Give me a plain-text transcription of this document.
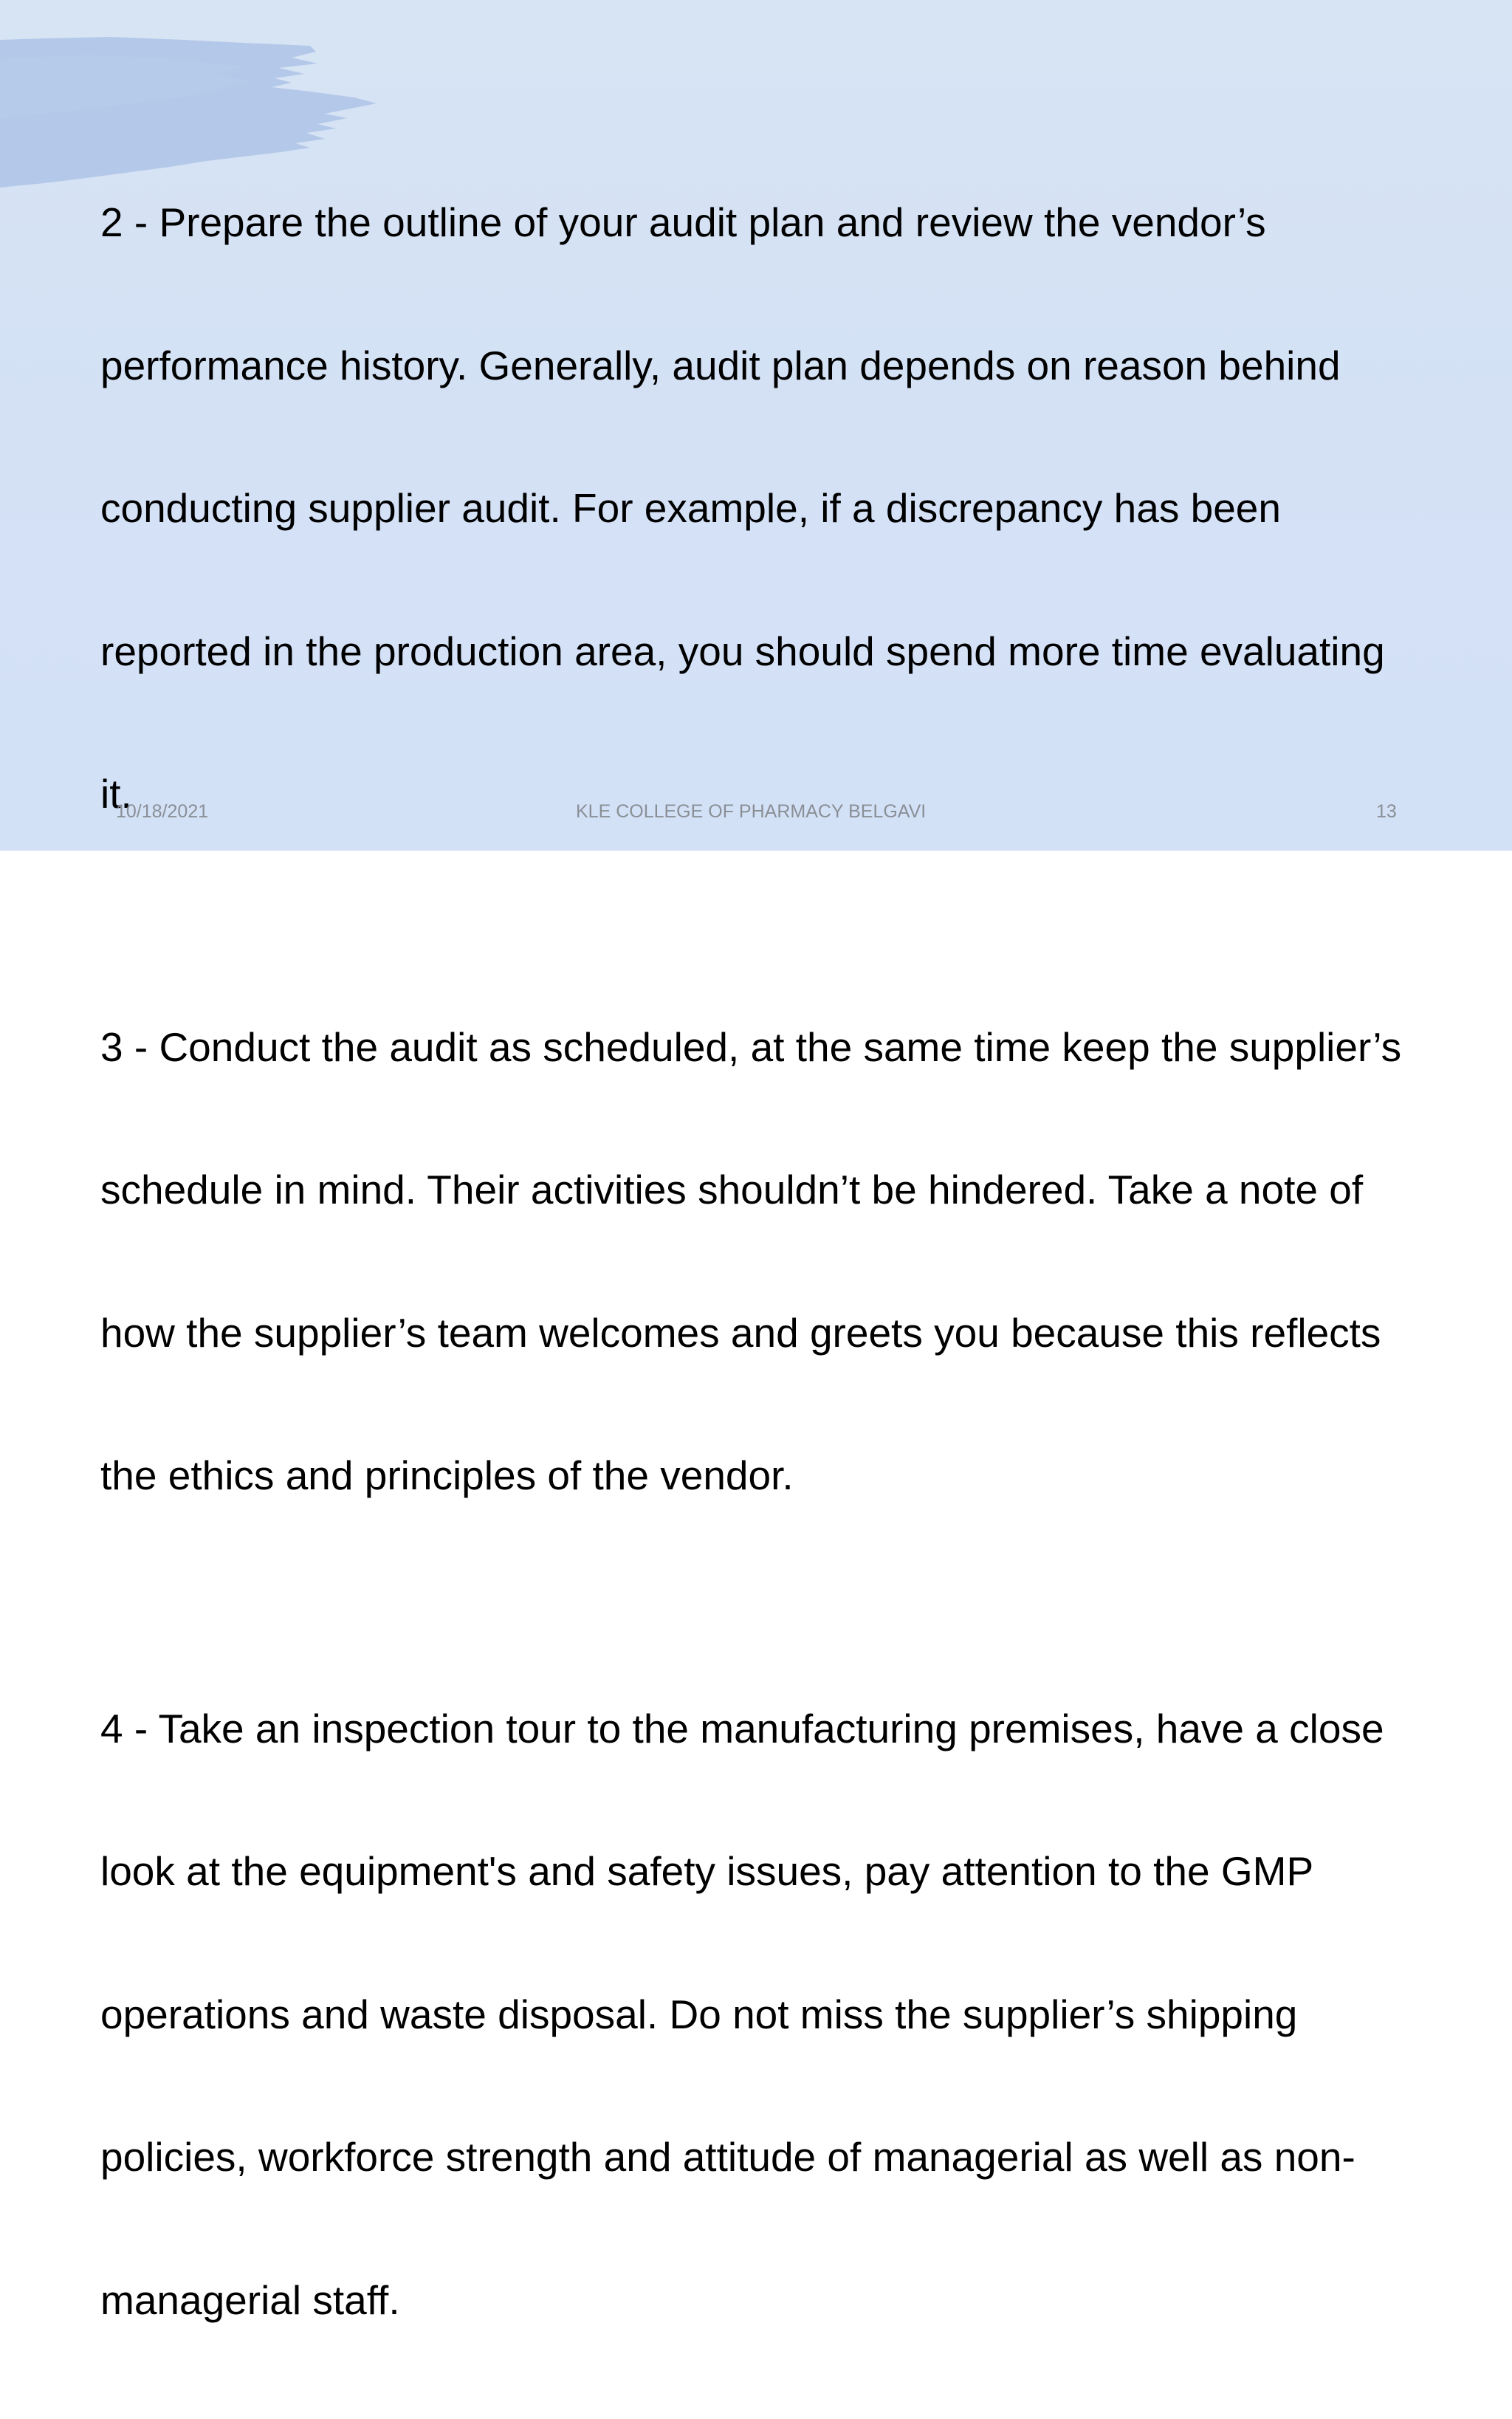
2 - Prepare the outline of your audit plan and review the vendor’s

performance history. Generally, audit plan depends on reason behind

conducting supplier audit. For example, if a discrepancy has been

reported in the production area, you should spend more time evaluating

it.

3 - Conduct the audit as scheduled, at the same time keep the supplier’s

schedule in mind. Their activities shouldn’t be hindered. Take a note of

how the supplier’s team welcomes and greets you because this reflects

the ethics and principles of the vendor.

4 - Take an inspection tour to the manufacturing premises, have a close

look at the equipment's and safety issues, pay attention to the GMP

operations and waste disposal. Do not miss the supplier’s shipping

policies, workforce strength and attitude of managerial as well as non-

managerial staff.

10/18/2021	KLE COLLEGE OF PHARMACY BELGAVI	13
